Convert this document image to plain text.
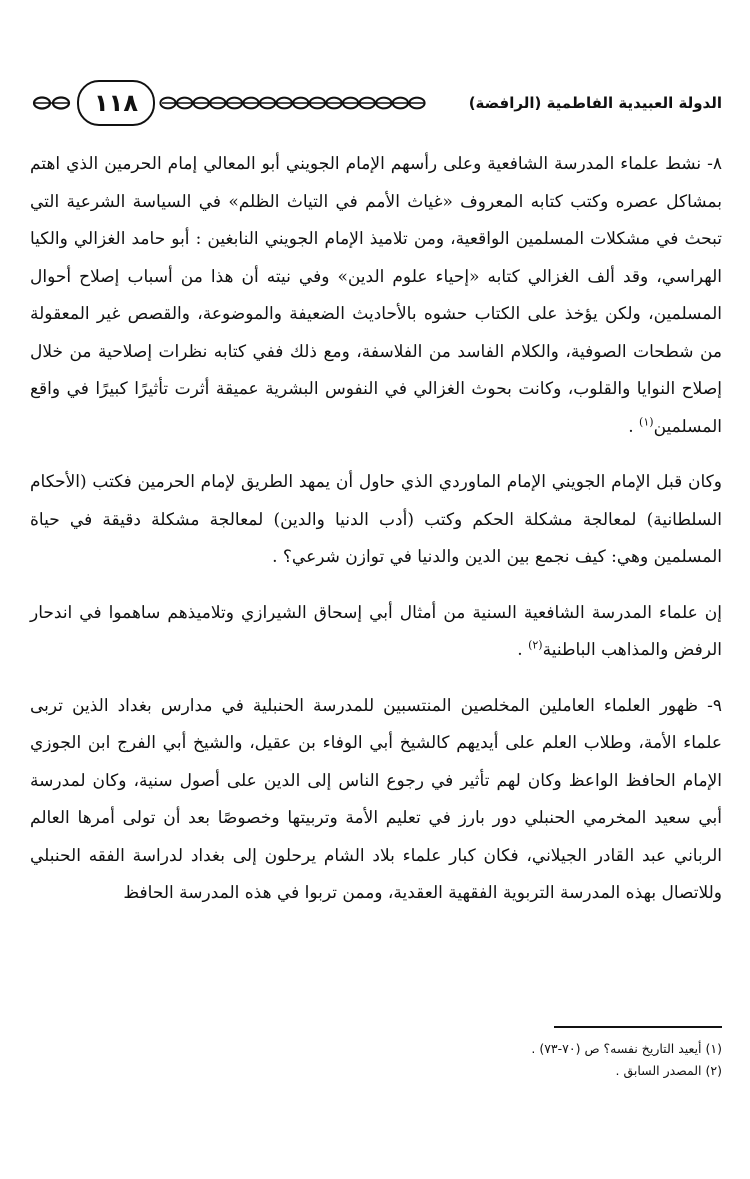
١١٨	الدولة العبيدية الفاطمية (الرافضة)

٨- نشط علماء المدرسة الشافعية وعلى رأسهم الإمام الجويني أبو المعالي إمام الحرمين الذي اهتم بمشاكل عصره وكتب كتابه المعروف «غياث الأمم في التياث الظلم» في السياسة الشرعية التي تبحث في مشكلات المسلمين الواقعية، ومن تلاميذ الإمام الجويني النابغين : أبو حامد الغزالي والكيا الهراسي، وقد ألف الغزالي كتابه «إحياء علوم الدين» وفي نيته أن هذا من أسباب إصلاح أحوال المسلمين، ولكن يؤخذ على الكتاب حشوه بالأحاديث الضعيفة والموضوعة، والقصص غير المعقولة من شطحات الصوفية، والكلام الفاسد من الفلاسفة، ومع ذلك ففي كتابه نظرات إصلاحية من خلال إصلاح النوايا والقلوب، وكانت بحوث الغزالي في النفوس البشرية عميقة أثرت تأثيرًا كبيرًا في واقع المسلمين$^{(١)}$ .

وكان قبل الإمام الجويني الإمام الماوردي الذي حاول أن يمهد الطريق لإمام الحرمين فكتب (الأحكام السلطانية) لمعالجة مشكلة الحكم وكتب (أدب الدنيا والدين) لمعالجة مشكلة دقيقة في حياة المسلمين وهي: كيف نجمع بين الدين والدنيا في توازن شرعي؟ .

إن علماء المدرسة الشافعية السنية من أمثال أبي إسحاق الشيرازي وتلاميذهم ساهموا في اندحار الرفض والمذاهب الباطنية$^{(٢)}$ .

٩- ظهور العلماء العاملين المخلصين المنتسبين للمدرسة الحنبلية في مدارس بغداد الذين تربى علماء الأمة، وطلاب العلم على أيديهم كالشيخ أبي الوفاء بن عقيل، والشيخ أبي الفرج ابن الجوزي الإمام الحافظ الواعظ وكان لهم تأثير في رجوع الناس إلى الدين على أصول سنية، وكان لمدرسة أبي سعيد المخرمي الحنبلي دور بارز في تعليم الأمة وتربيتها وخصوصًا بعد أن تولى أمرها العالم الرباني عبد القادر الجيلاني، فكان كبار علماء بلاد الشام يرحلون إلى بغداد لدراسة الفقه الحنبلي وللاتصال بهذه المدرسة التربوية الفقهية العقدية، وممن تربوا في هذه المدرسة الحافظ

(١) أيعيد التاريخ نفسه؟ ص (٧٠-٧٣) .

(٢) المصدر السابق .
